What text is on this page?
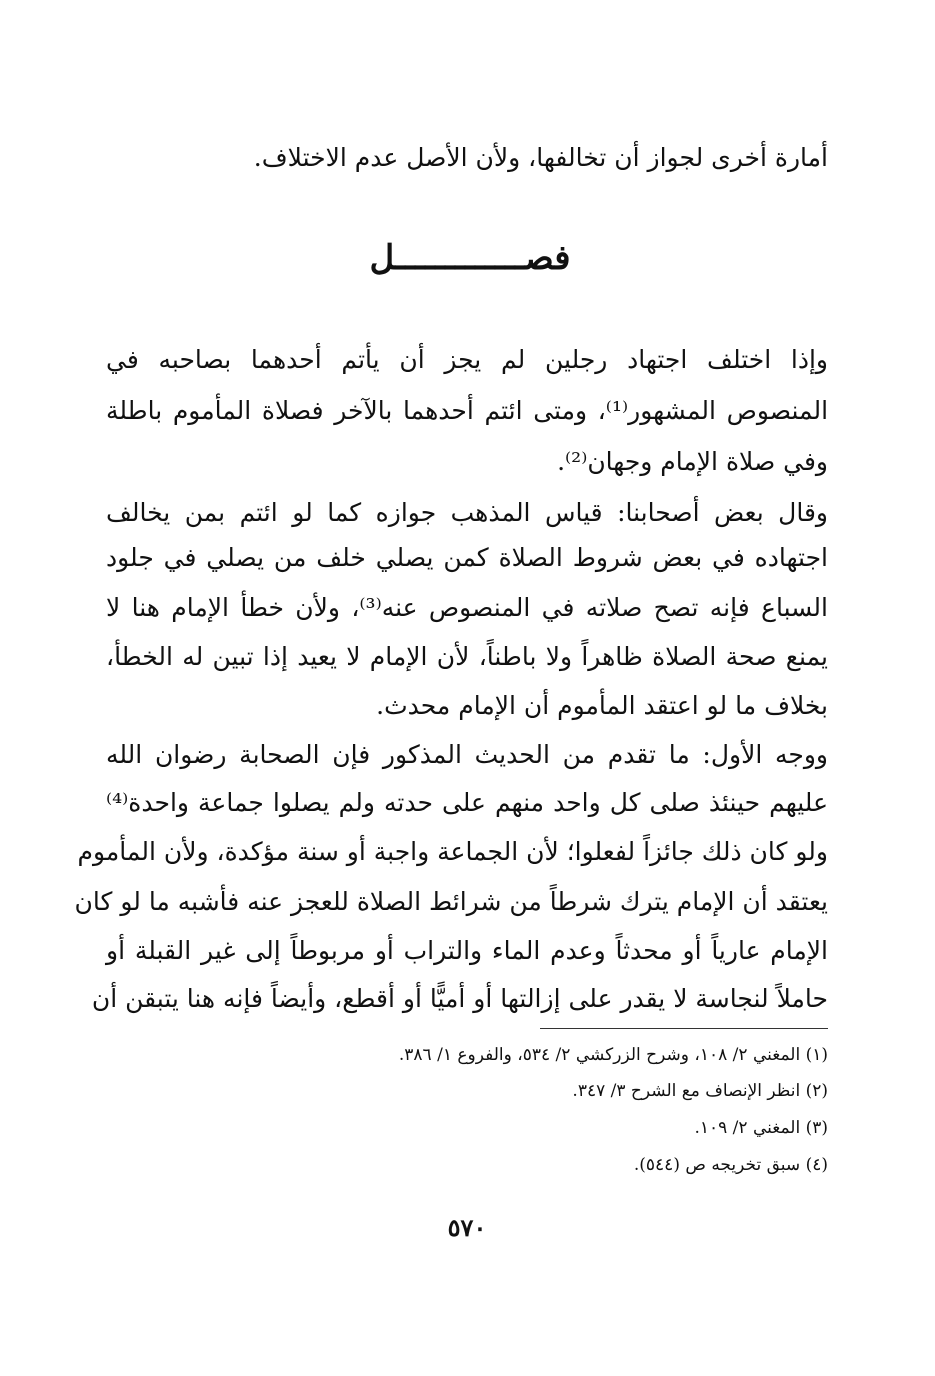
أمارة أخرى لجواز أن تخالفها، ولأن الأصل عدم الاختلاف.
فصـــــــــــــل
وإذا اختلف اجتهاد رجلين لم يجز أن يأتم أحدهما بصاحبه في
المنصوص المشهور⁽¹⁾، ومتى ائتم أحدهما بالآخر فصلاة المأموم باطلة
وفي صلاة الإمام وجهان⁽²⁾.
وقال بعض أصحابنا: قياس المذهب جوازه كما لو ائتم بمن يخالف
اجتهاده في بعض شروط الصلاة كمن يصلي خلف من يصلي في جلود
السباع فإنه تصح صلاته في المنصوص عنه⁽³⁾، ولأن خطأ الإمام هنا لا
يمنع صحة الصلاة ظاهراً ولا باطناً، لأن الإمام لا يعيد إذا تبين له الخطأ،
بخلاف ما لو اعتقد المأموم أن الإمام محدث.
ووجه الأول: ما تقدم من الحديث المذكور فإن الصحابة رضوان الله
عليهم حينئذ صلى كل واحد منهم على حدته ولم يصلوا جماعة واحدة⁽⁴⁾
ولو كان ذلك جائزاً لفعلوا؛ لأن الجماعة واجبة أو سنة مؤكدة، ولأن المأموم
يعتقد أن الإمام يترك شرطاً من شرائط الصلاة للعجز عنه فأشبه ما لو كان
الإمام عارياً أو محدثاً وعدم الماء والتراب أو مربوطاً إلى غير القبلة أو
حاملاً لنجاسة لا يقدر على إزالتها أو أميًّا أو أقطع، وأيضاً فإنه هنا يتبقن أن
(١) المغني ٢/ ١٠٨، وشرح الزركشي ٢/ ٥٣٤، والفروع ١/ ٣٨٦.
(٢) انظر الإنصاف مع الشرح ٣/ ٣٤٧.
(٣) المغني ٢/ ١٠٩.
(٤) سبق تخريجه ص (٥٤٤).
٥٧٠
